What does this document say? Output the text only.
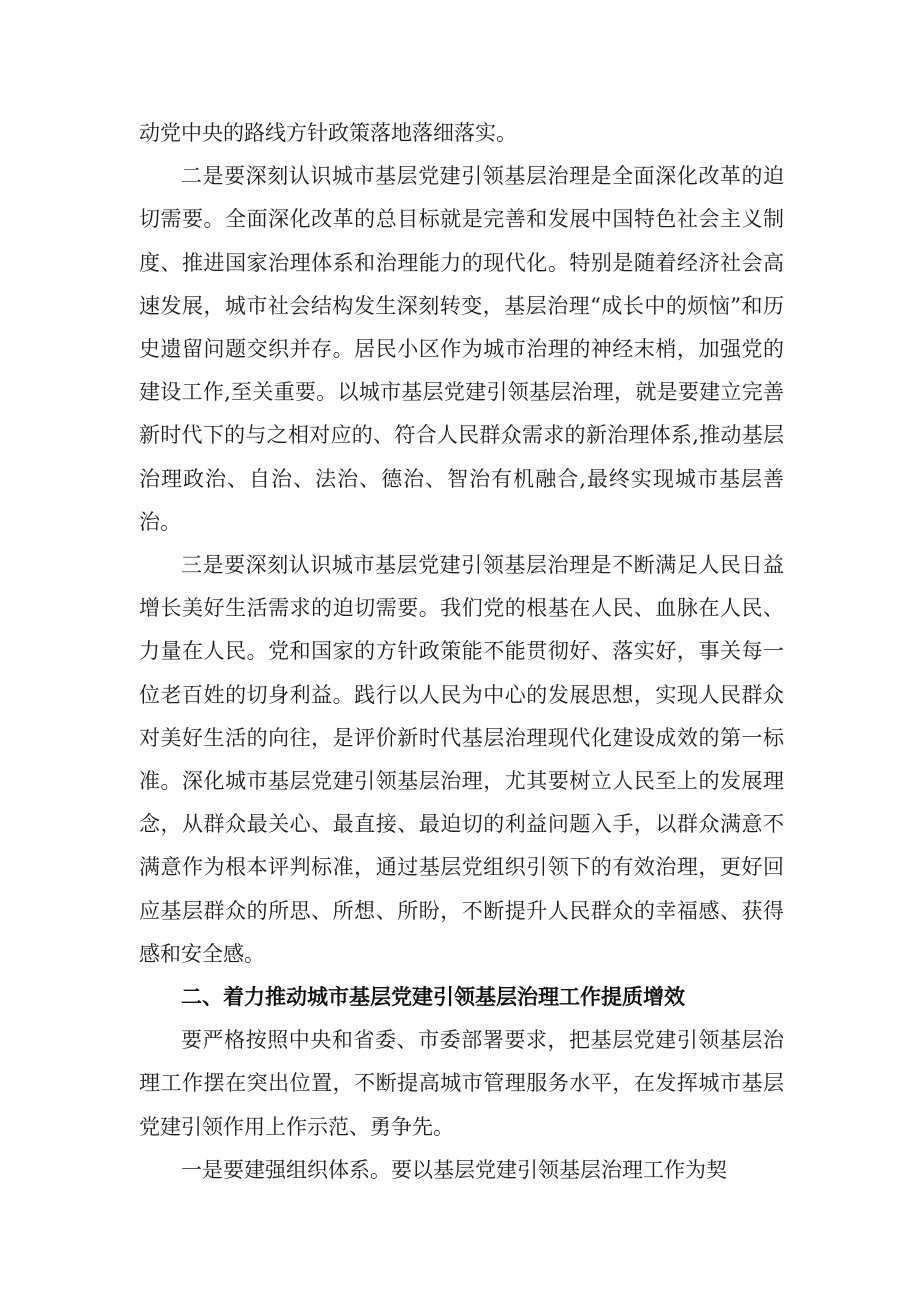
动党中央的路线方针政策落地落细落实。

二是要深刻认识城市基层党建引领基层治理是全面深化改革的迫切需要。全面深化改革的总目标就是完善和发展中国特色社会主义制度、推进国家治理体系和治理能力的现代化。特别是随着经济社会高速发展，城市社会结构发生深刻转变，基层治理“成长中的烦恼”和历史遗留问题交织并存。居民小区作为城市治理的神经末梢，加强党的建设工作,至关重要。以城市基层党建引领基层治理，就是要建立完善新时代下的与之相对应的、符合人民群众需求的新治理体系,推动基层治理政治、自治、法治、德治、智治有机融合,最终实现城市基层善治。

三是要深刻认识城市基层党建引领基层治理是不断满足人民日益增长美好生活需求的迫切需要。我们党的根基在人民、血脉在人民、力量在人民。党和国家的方针政策能不能贯彻好、落实好，事关每一位老百姓的切身利益。践行以人民为中心的发展思想，实现人民群众对美好生活的向往，是评价新时代基层治理现代化建设成效的第一标准。深化城市基层党建引领基层治理，尤其要树立人民至上的发展理念，从群众最关心、最直接、最迫切的利益问题入手，以群众满意不满意作为根本评判标准，通过基层党组织引领下的有效治理，更好回应基层群众的所思、所想、所盼，不断提升人民群众的幸福感、获得感和安全感。

二、着力推动城市基层党建引领基层治理工作提质增效

要严格按照中央和省委、市委部署要求，把基层党建引领基层治理工作摆在突出位置，不断提高城市管理服务水平，在发挥城市基层党建引领作用上作示范、勇争先。

一是要建强组织体系。要以基层党建引领基层治理工作为契
